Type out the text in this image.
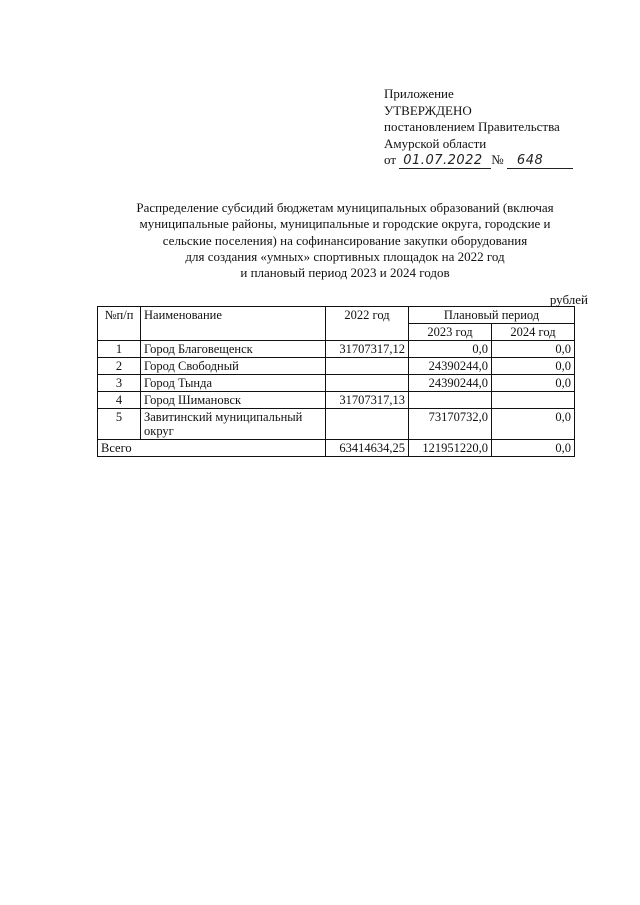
Приложение
УТВЕРЖДЕНО
постановлением Правительства
Амурской области
от 01.07.2022 № 648
Распределение субсидий бюджетам муниципальных образований (включая
муниципальные районы, муниципальные и городские округа, городские и
сельские поселения) на софинансирование закупки оборудования
для создания «умных» спортивных площадок на 2022 год
и плановый период 2023 и 2024 годов
рублей
№п/п	Наименование	2022 год	Плановый период	
			2023 год	2024 год
1	Город Благовещенск	31707317,12	0,0	0,0
2	Город Свободный		24390244,0	0,0
3	Город Тында		24390244,0	0,0
4	Город Шимановск	31707317,13		
5	Завитинский муниципальный округ		73170732,0	0,0
Всего		63414634,25	121951220,0	0,0
